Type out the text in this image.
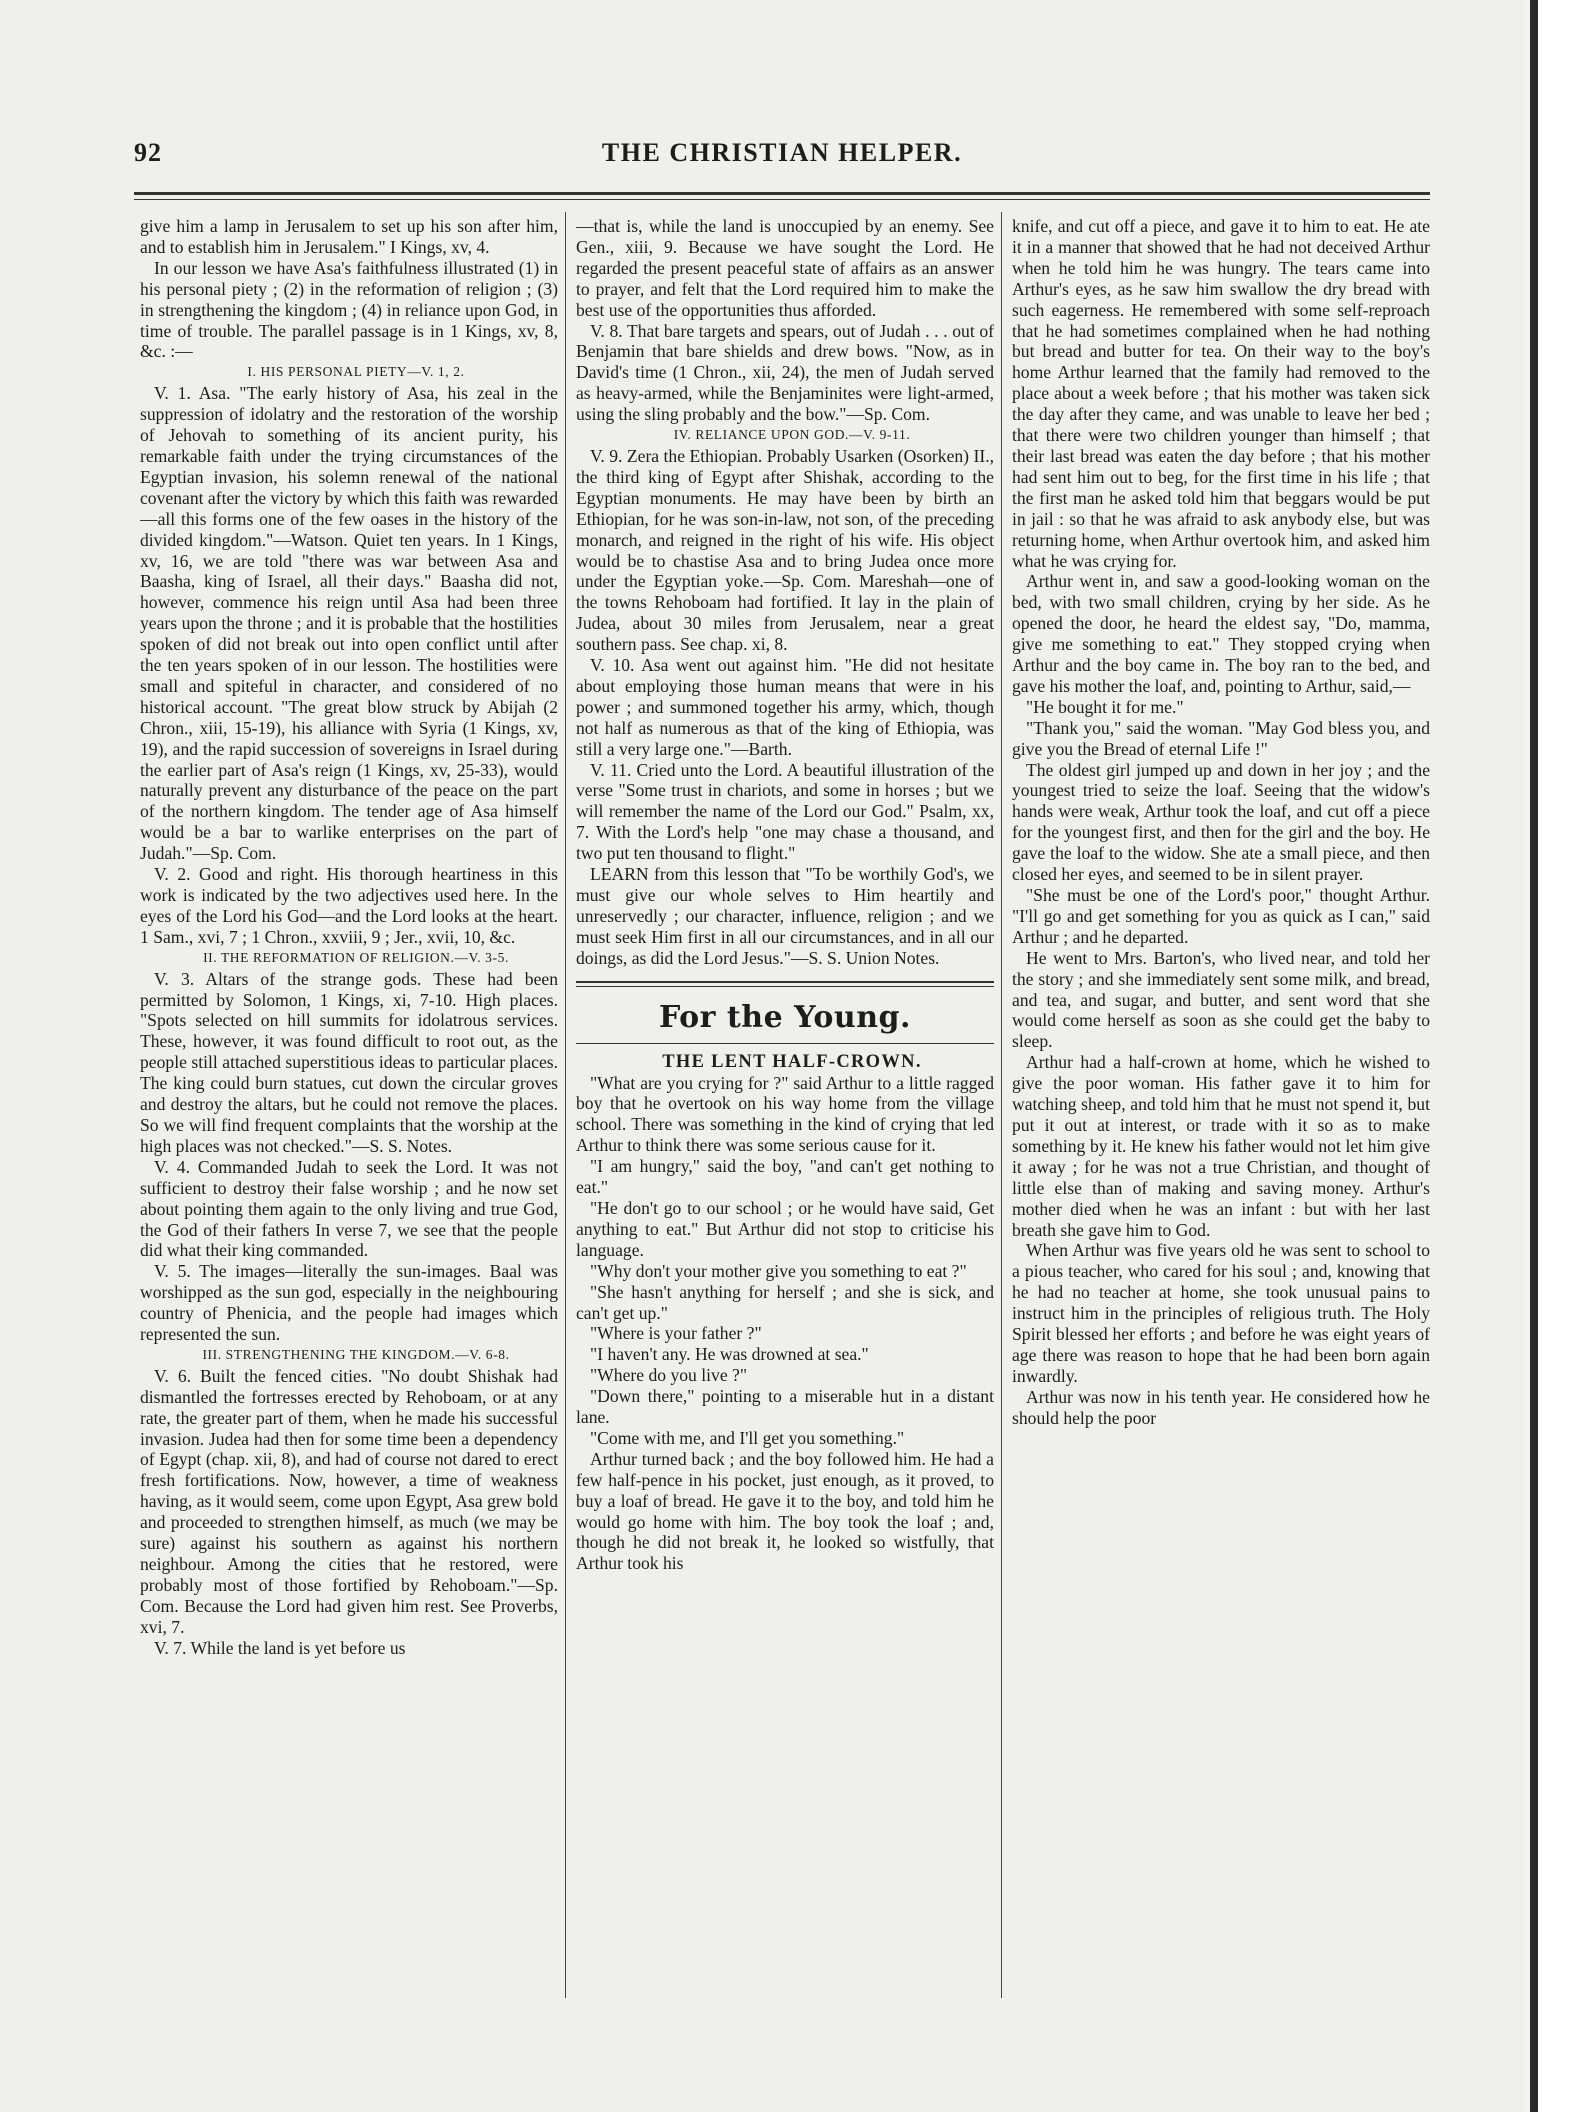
92	THE CHRISTIAN HELPER.

give him a lamp in Jerusalem to set up his son after him, and to establish him in Jerusalem." I Kings, xv, 4.

In our lesson we have Asa's faithfulness illustrated (1) in his personal piety ; (2) in the reformation of religion ; (3) in strengthening the kingdom ; (4) in reliance upon God, in time of trouble. The parallel passage is in 1 Kings, xv, 8, &c. :—

I. HIS PERSONAL PIETY—V. 1, 2.

V. 1. Asa. "The early history of Asa, his zeal in the suppression of idolatry and the restoration of the worship of Jehovah to something of its ancient purity, his remarkable faith under the trying circumstances of the Egyptian invasion, his solemn renewal of the national covenant after the victory by which this faith was rewarded—all this forms one of the few oases in the history of the divided kingdom."—Watson. Quiet ten years. In 1 Kings, xv, 16, we are told "there was war between Asa and Baasha, king of Israel, all their days." Baasha did not, however, commence his reign until Asa had been three years upon the throne ; and it is probable that the hostilities spoken of did not break out into open conflict until after the ten years spoken of in our lesson. The hostilities were small and spiteful in character, and considered of no historical account. "The great blow struck by Abijah (2 Chron., xiii, 15-19), his alliance with Syria (1 Kings, xv, 19), and the rapid succession of sovereigns in Israel during the earlier part of Asa's reign (1 Kings, xv, 25-33), would naturally prevent any disturbance of the peace on the part of the northern kingdom. The tender age of Asa himself would be a bar to warlike enterprises on the part of Judah."—Sp. Com.

V. 2. Good and right. His thorough heartiness in this work is indicated by the two adjectives used here. In the eyes of the Lord his God—and the Lord looks at the heart. 1 Sam., xvi, 7 ; 1 Chron., xxviii, 9 ; Jer., xvii, 10, &c.

II. THE REFORMATION OF RELIGION.—V. 3-5.

V. 3. Altars of the strange gods. These had been permitted by Solomon, 1 Kings, xi, 7-10. High places. "Spots selected on hill summits for idolatrous services. These, however, it was found difficult to root out, as the people still attached superstitious ideas to particular places. The king could burn statues, cut down the circular groves and destroy the altars, but he could not remove the places. So we will find frequent complaints that the worship at the high places was not checked."—S. S. Notes.

V. 4. Commanded Judah to seek the Lord. It was not sufficient to destroy their false worship ; and he now set about pointing them again to the only living and true God, the God of their fathers In verse 7, we see that the people did what their king commanded.

V. 5. The images—literally the sun-images. Baal was worshipped as the sun god, especially in the neighbouring country of Phenicia, and the people had images which represented the sun.

III. STRENGTHENING THE KINGDOM.—V. 6-8.

V. 6. Built the fenced cities. "No doubt Shishak had dismantled the fortresses erected by Rehoboam, or at any rate, the greater part of them, when he made his successful invasion. Judea had then for some time been a dependency of Egypt (chap. xii, 8), and had of course not dared to erect fresh fortifications. Now, however, a time of weakness having, as it would seem, come upon Egypt, Asa grew bold and proceeded to strengthen himself, as much (we may be sure) against his southern as against his northern neighbour. Among the cities that he restored, were probably most of those fortified by Rehoboam."—Sp. Com. Because the Lord had given him rest. See Proverbs, xvi, 7.

V. 7. While the land is yet before us

—that is, while the land is unoccupied by an enemy. See Gen., xiii, 9. Because we have sought the Lord. He regarded the present peaceful state of affairs as an answer to prayer, and felt that the Lord required him to make the best use of the opportunities thus afforded.

V. 8. That bare targets and spears, out of Judah . . . out of Benjamin that bare shields and drew bows. "Now, as in David's time (1 Chron., xii, 24), the men of Judah served as heavy-armed, while the Benjaminites were light-armed, using the sling probably and the bow."—Sp. Com.

IV. RELIANCE UPON GOD.—V. 9-11.

V. 9. Zera the Ethiopian. Probably Usarken (Osorken) II., the third king of Egypt after Shishak, according to the Egyptian monuments. He may have been by birth an Ethiopian, for he was son-in-law, not son, of the preceding monarch, and reigned in the right of his wife. His object would be to chastise Asa and to bring Judea once more under the Egyptian yoke.—Sp. Com. Mareshah—one of the towns Rehoboam had fortified. It lay in the plain of Judea, about 30 miles from Jerusalem, near a great southern pass. See chap. xi, 8.

V. 10. Asa went out against him. "He did not hesitate about employing those human means that were in his power ; and summoned together his army, which, though not half as numerous as that of the king of Ethiopia, was still a very large one."—Barth.

V. 11. Cried unto the Lord. A beautiful illustration of the verse "Some trust in chariots, and some in horses ; but we will remember the name of the Lord our God." Psalm, xx, 7. With the Lord's help "one may chase a thousand, and two put ten thousand to flight."

LEARN from this lesson that "To be worthily God's, we must give our whole selves to Him heartily and unreservedly ; our character, influence, religion ; and we must seek Him first in all our circumstances, and in all our doings, as did the Lord Jesus."—S. S. Union Notes.

For the Young.

THE LENT HALF-CROWN.

"What are you crying for ?" said Arthur to a little ragged boy that he overtook on his way home from the village school. There was something in the kind of crying that led Arthur to think there was some serious cause for it.

"I am hungry," said the boy, "and can't get nothing to eat."

"He don't go to our school ; or he would have said, Get anything to eat." But Arthur did not stop to criticise his language.

"Why don't your mother give you something to eat ?"

"She hasn't anything for herself ; and she is sick, and can't get up."

"Where is your father ?"

"I haven't any. He was drowned at sea."

"Where do you live ?"

"Down there," pointing to a miserable hut in a distant lane.

"Come with me, and I'll get you something."

Arthur turned back ; and the boy followed him. He had a few half-pence in his pocket, just enough, as it proved, to buy a loaf of bread. He gave it to the boy, and told him he would go home with him. The boy took the loaf ; and, though he did not break it, he looked so wistfully, that Arthur took his

knife, and cut off a piece, and gave it to him to eat. He ate it in a manner that showed that he had not deceived Arthur when he told him he was hungry. The tears came into Arthur's eyes, as he saw him swallow the dry bread with such eagerness. He remembered with some self-reproach that he had sometimes complained when he had nothing but bread and butter for tea. On their way to the boy's home Arthur learned that the family had removed to the place about a week before ; that his mother was taken sick the day after they came, and was unable to leave her bed ; that there were two children younger than himself ; that their last bread was eaten the day before ; that his mother had sent him out to beg, for the first time in his life ; that the first man he asked told him that beggars would be put in jail : so that he was afraid to ask anybody else, but was returning home, when Arthur overtook him, and asked him what he was crying for.

Arthur went in, and saw a good-looking woman on the bed, with two small children, crying by her side. As he opened the door, he heard the eldest say, "Do, mamma, give me something to eat." They stopped crying when Arthur and the boy came in. The boy ran to the bed, and gave his mother the loaf, and, pointing to Arthur, said,—

"He bought it for me."

"Thank you," said the woman. "May God bless you, and give you the Bread of eternal Life !"

The oldest girl jumped up and down in her joy ; and the youngest tried to seize the loaf. Seeing that the widow's hands were weak, Arthur took the loaf, and cut off a piece for the youngest first, and then for the girl and the boy. He gave the loaf to the widow. She ate a small piece, and then closed her eyes, and seemed to be in silent prayer.

"She must be one of the Lord's poor," thought Arthur. "I'll go and get something for you as quick as I can," said Arthur ; and he departed.

He went to Mrs. Barton's, who lived near, and told her the story ; and she immediately sent some milk, and bread, and tea, and sugar, and butter, and sent word that she would come herself as soon as she could get the baby to sleep.

Arthur had a half-crown at home, which he wished to give the poor woman. His father gave it to him for watching sheep, and told him that he must not spend it, but put it out at interest, or trade with it so as to make something by it. He knew his father would not let him give it away ; for he was not a true Christian, and thought of little else than of making and saving money. Arthur's mother died when he was an infant : but with her last breath she gave him to God.

When Arthur was five years old he was sent to school to a pious teacher, who cared for his soul ; and, knowing that he had no teacher at home, she took unusual pains to instruct him in the principles of religious truth. The Holy Spirit blessed her efforts ; and before he was eight years of age there was reason to hope that he had been born again inwardly.

Arthur was now in his tenth year. He considered how he should help the poor
